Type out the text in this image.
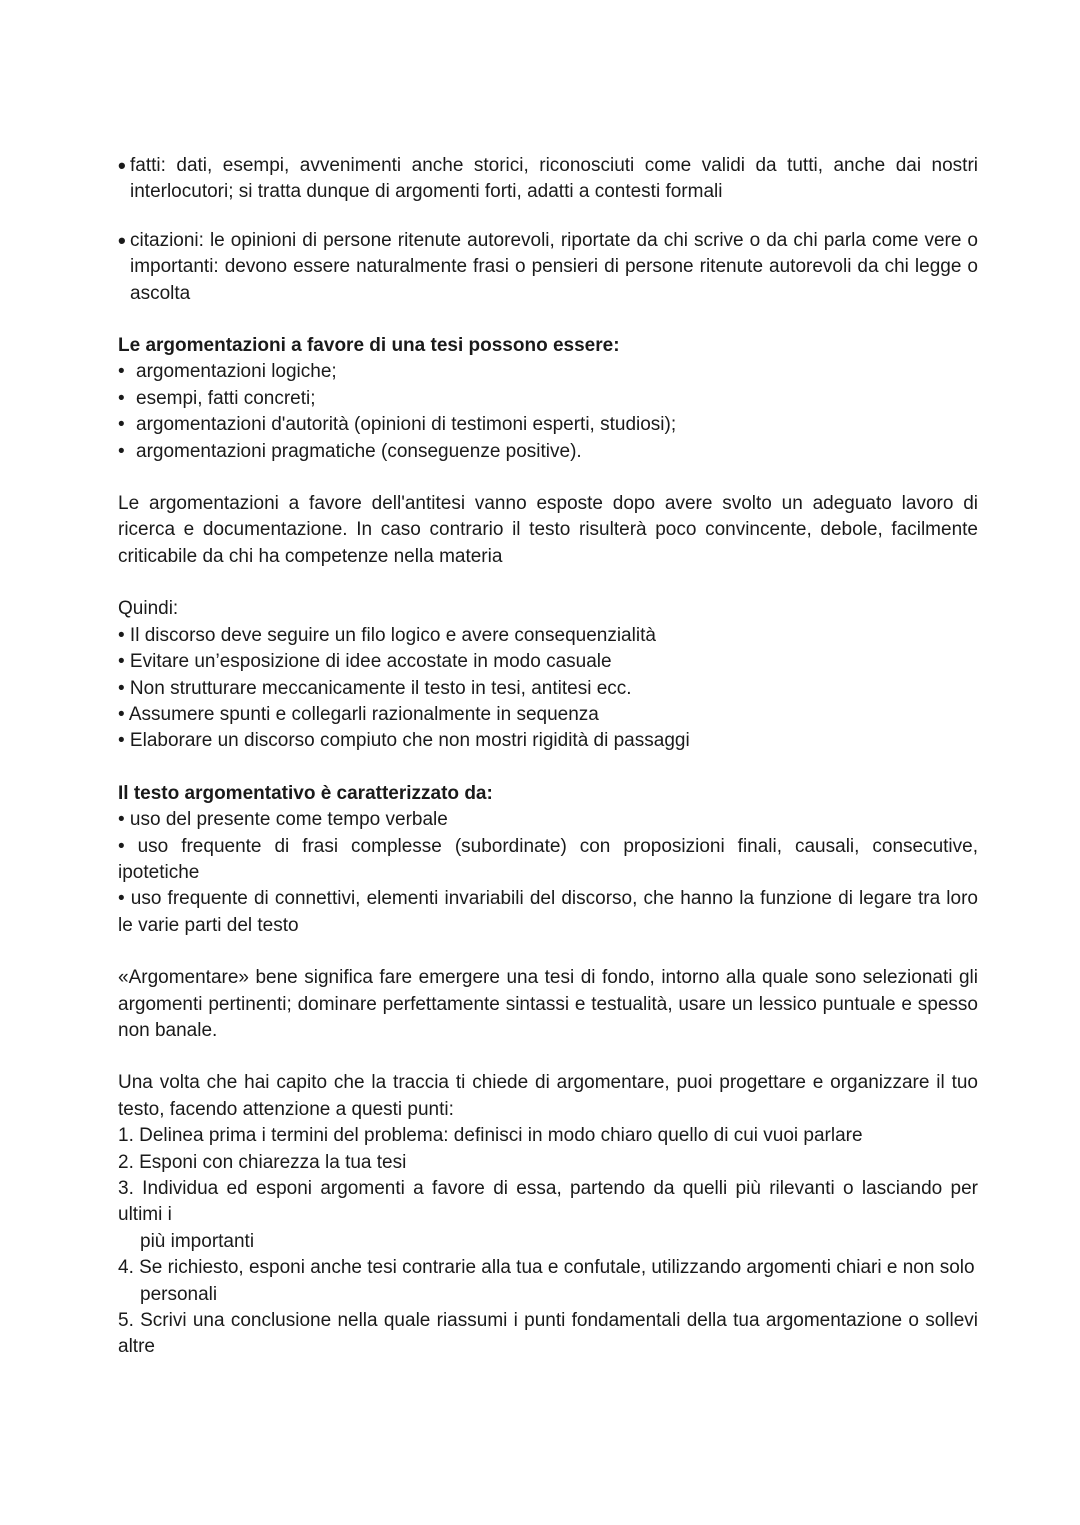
• fatti: dati, esempi, avvenimenti anche storici, riconosciuti come validi da tutti, anche dai nostri interlocutori; si tratta dunque di argomenti forti, adatti a contesti formali
• citazioni: le opinioni di persone ritenute autorevoli, riportate da chi scrive o da chi parla come vere o importanti: devono essere naturalmente frasi o pensieri di persone ritenute autorevoli da chi legge o ascolta

Le argomentazioni a favore di una tesi possono essere:

• argomentazioni logiche;
• esempi, fatti concreti;
• argomentazioni d'autorità (opinioni di testimoni esperti, studiosi);
• argomentazioni pragmatiche (conseguenze positive).

Le argomentazioni a favore dell'antitesi vanno esposte dopo avere svolto un adeguato lavoro di ricerca e documentazione. In caso contrario il testo risulterà poco convincente, debole, facilmente criticabile da chi ha competenze nella materia

Quindi:

• Il discorso deve seguire un filo logico e avere consequenzialità

• Evitare un’esposizione di idee accostate in modo casuale

• Non strutturare meccanicamente il testo in tesi, antitesi ecc.

• Assumere spunti e collegarli razionalmente in sequenza

• Elaborare un discorso compiuto che non mostri rigidità di passaggi

Il testo argomentativo è caratterizzato da:

• uso del presente come tempo verbale

• uso frequente di frasi complesse (subordinate) con proposizioni finali, causali, consecutive, ipotetiche

• uso frequente di connettivi, elementi invariabili del discorso, che hanno la funzione di legare tra loro le varie parti del testo

«Argomentare» bene significa fare emergere una tesi di fondo, intorno alla quale sono selezionati gli argomenti pertinenti; dominare perfettamente sintassi e testualità, usare un lessico puntuale e spesso non banale.

Una volta che hai capito che la traccia ti chiede di argomentare, puoi progettare e organizzare il tuo testo, facendo attenzione a questi punti:

1. Delinea prima i termini del problema: definisci in modo chiaro quello di cui vuoi parlare

2. Esponi con chiarezza la tua tesi

3. Individua ed esponi argomenti a favore di essa, partendo da quelli più rilevanti o lasciando per ultimi i

più importanti

4. Se richiesto, esponi anche tesi contrarie alla tua e confutale, utilizzando argomenti chiari e non solo

personali

5. Scrivi una conclusione nella quale riassumi i punti fondamentali della tua argomentazione o sollevi altre
